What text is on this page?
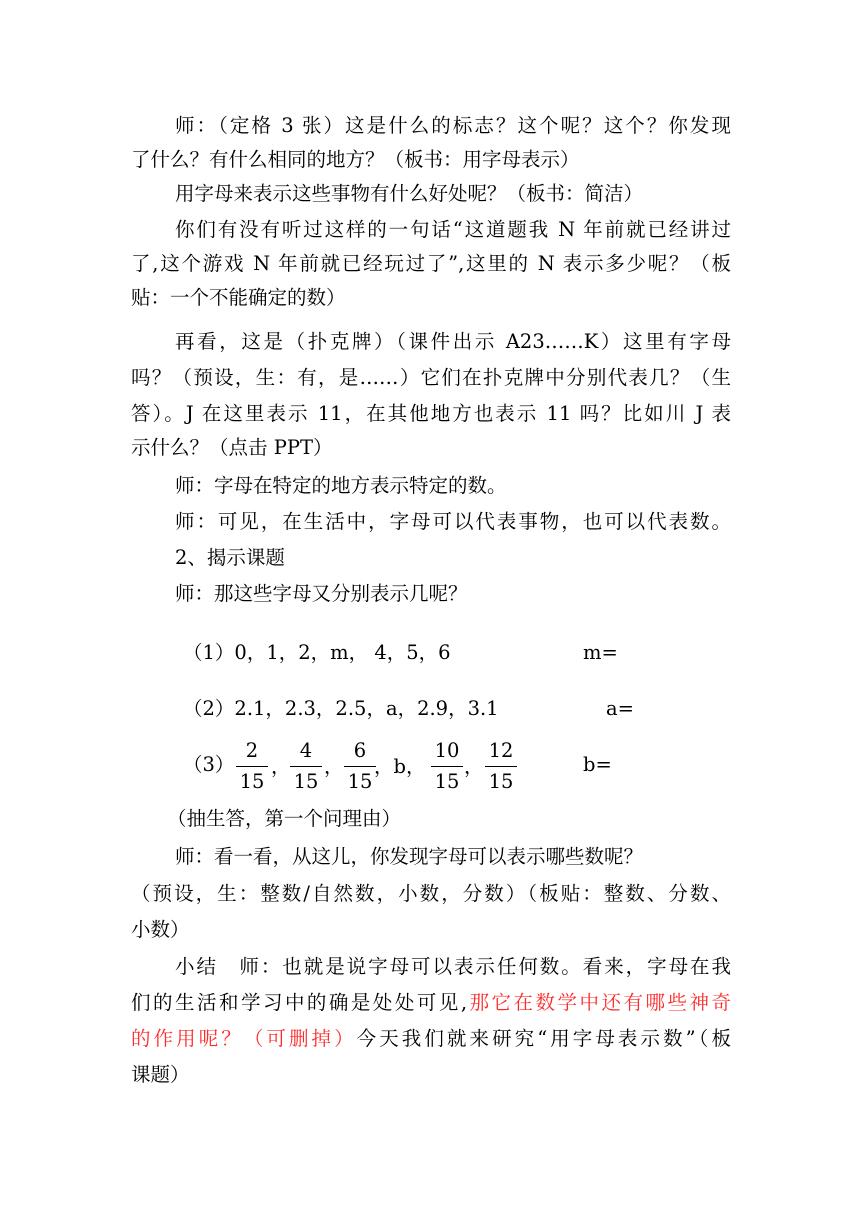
师：（定格 3 张）这是什么的标志？这个呢？这个？你发现
了什么？有什么相同的地方？（板书：用字母表示）
用字母来表示这些事物有什么好处呢？（板书：简洁）
你们有没有听过这样的一句话“这道题我 N 年前就已经讲过
了,这个游戏 N 年前就已经玩过了”,这里的 N 表示多少呢？（板
贴：一个不能确定的数）
再看，这是（扑克牌）（课件出示 A23……K）这里有字母
吗？（预设，生：有，是……）它们在扑克牌中分别代表几？（生
答）。J 在这里表示 11，在其他地方也表示 11 吗？比如川 J 表
示什么？（点击 PPT）
师：字母在特定的地方表示特定的数。
师：可见，在生活中，字母可以代表事物，也可以代表数。
2、揭示课题
师：那这些字母又分别表示几呢？
（1）0，1，2，m， 4，5，6	m=
（2）2.1，2.3，2.5，a，2.9，3.1	a=
（3）
2
15
，
4
15
，
6
15
，b，
10
15
，
12
15
b=
（抽生答，第一个问理由）
师：看一看，从这儿，你发现字母可以表示哪些数呢？
（预设，生：整数/自然数，小数，分数）（板贴：整数、分数、
小数）
小结　师：也就是说字母可以表示任何数。看来，字母在我
们的生活和学习中的确是处处可见,那它在数学中还有哪些神奇
的作用呢？（可删掉）今天我们就来研究“用字母表示数”（板
课题）
